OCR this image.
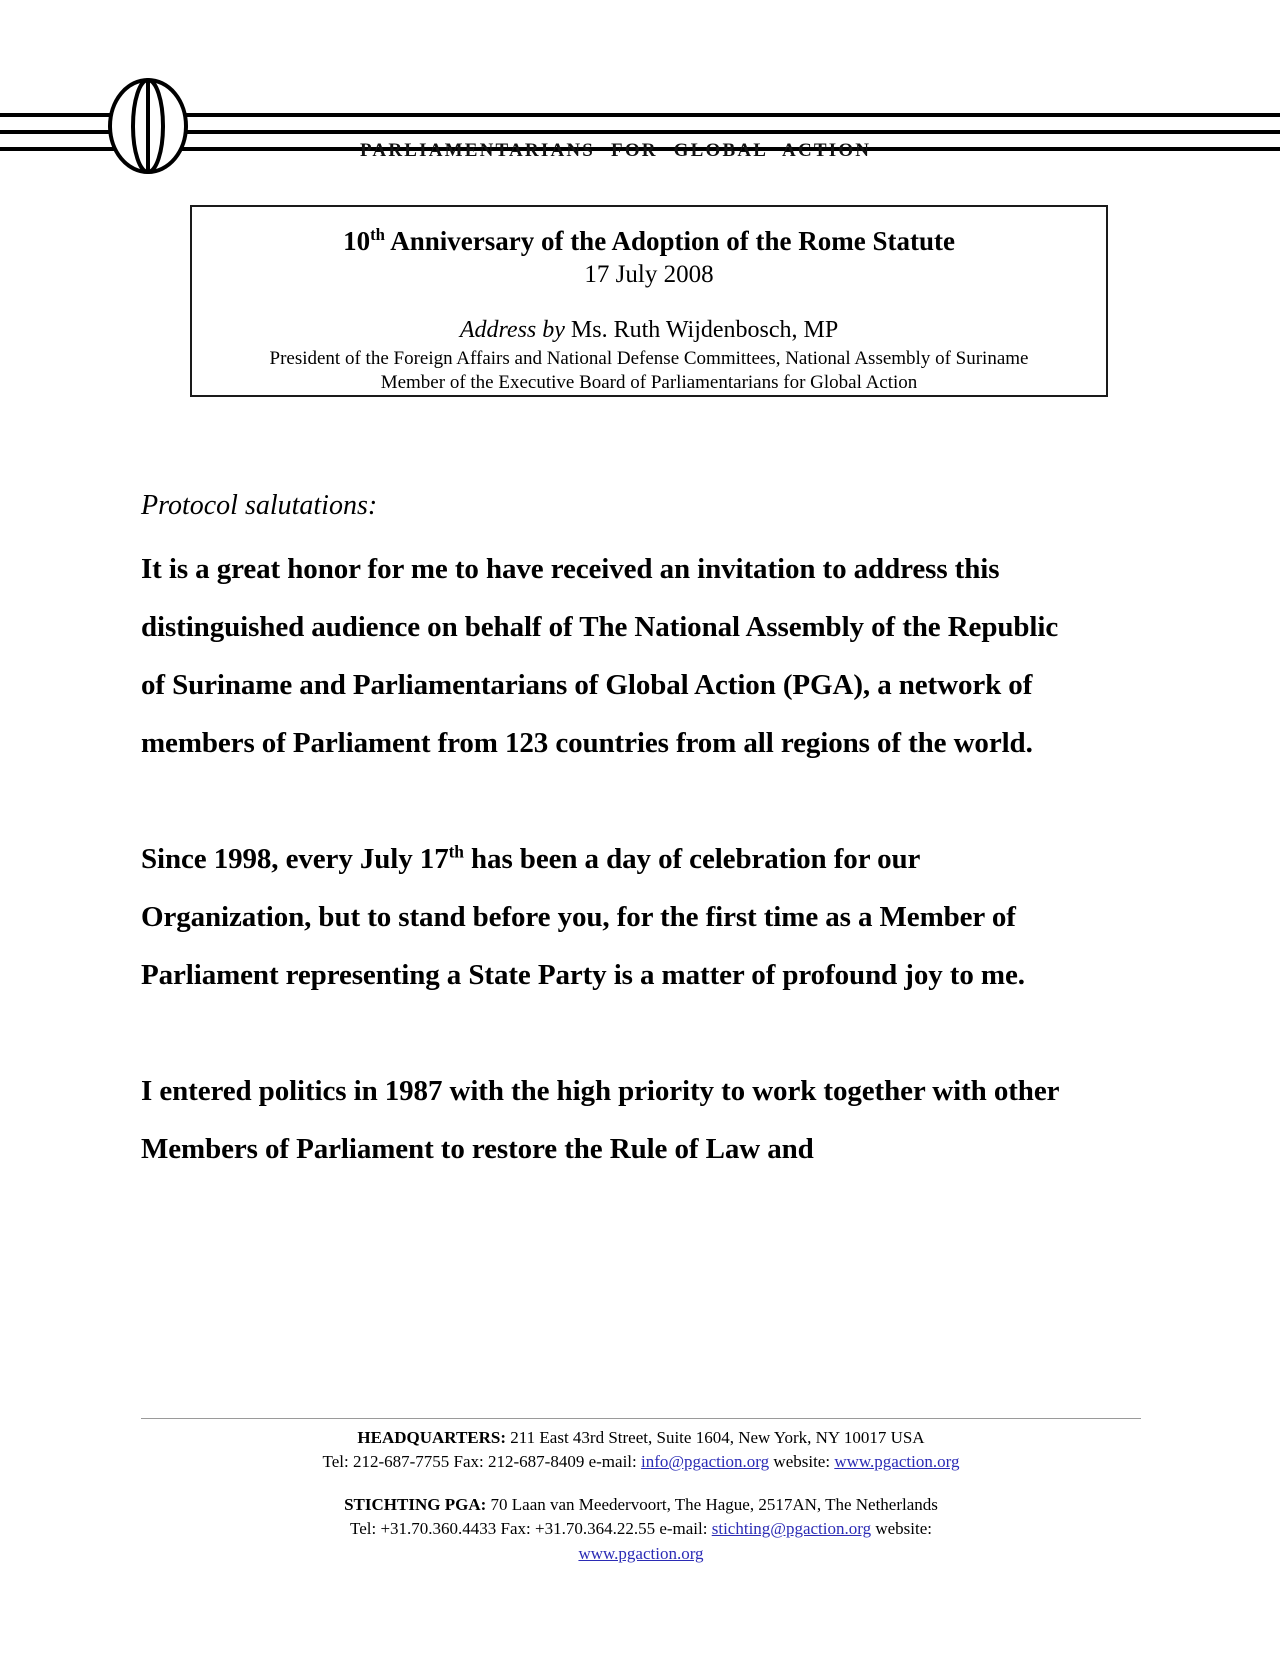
PARLIAMENTARIANS FOR GLOBAL ACTION
10th Anniversary of the Adoption of the Rome Statute
17 July 2008
Address by Ms. Ruth Wijdenbosch, MP
President of the Foreign Affairs and National Defense Committees, National Assembly of Suriname
Member of the Executive Board of Parliamentarians for Global Action
Protocol salutations:

It is a great honor for me to have received an invitation to address this distinguished audience on behalf of The National Assembly of the Republic of Suriname and Parliamentarians of Global Action (PGA), a network of members of Parliament from 123 countries from all regions of the world.

Since 1998, every July 17th has been a day of celebration for our Organization, but to stand before you, for the first time as a Member of Parliament representing a State Party is a matter of profound joy to me.

I entered politics in 1987 with the high priority to work together with other Members of Parliament to restore the Rule of Law and

HEADQUARTERS: 211 East 43rd Street, Suite 1604, New York, NY 10017 USA
Tel: 212-687-7755 Fax: 212-687-8409 e-mail: info@pgaction.org website: www.pgaction.org
STICHTING PGA: 70 Laan van Meedervoort, The Hague, 2517AN, The Netherlands
Tel: +31.70.360.4433 Fax: +31.70.364.22.55 e-mail: stichting@pgaction.org website:
www.pgaction.org
